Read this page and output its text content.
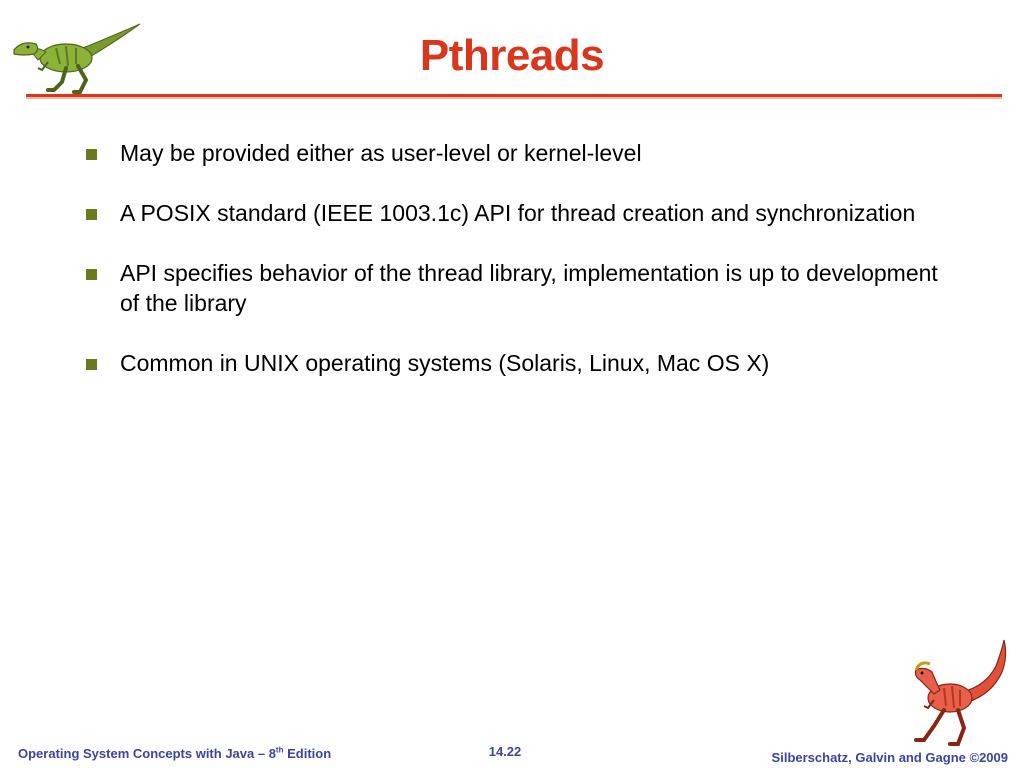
Pthreads
May be provided either as user-level or kernel-level
A POSIX standard (IEEE 1003.1c) API for thread creation and synchronization
API specifies behavior of the thread library, implementation is up to development of the library
Common in UNIX operating systems (Solaris, Linux, Mac OS X)
Operating System Concepts with Java – 8th Edition	14.22	Silberschatz, Galvin and Gagne ©2009
